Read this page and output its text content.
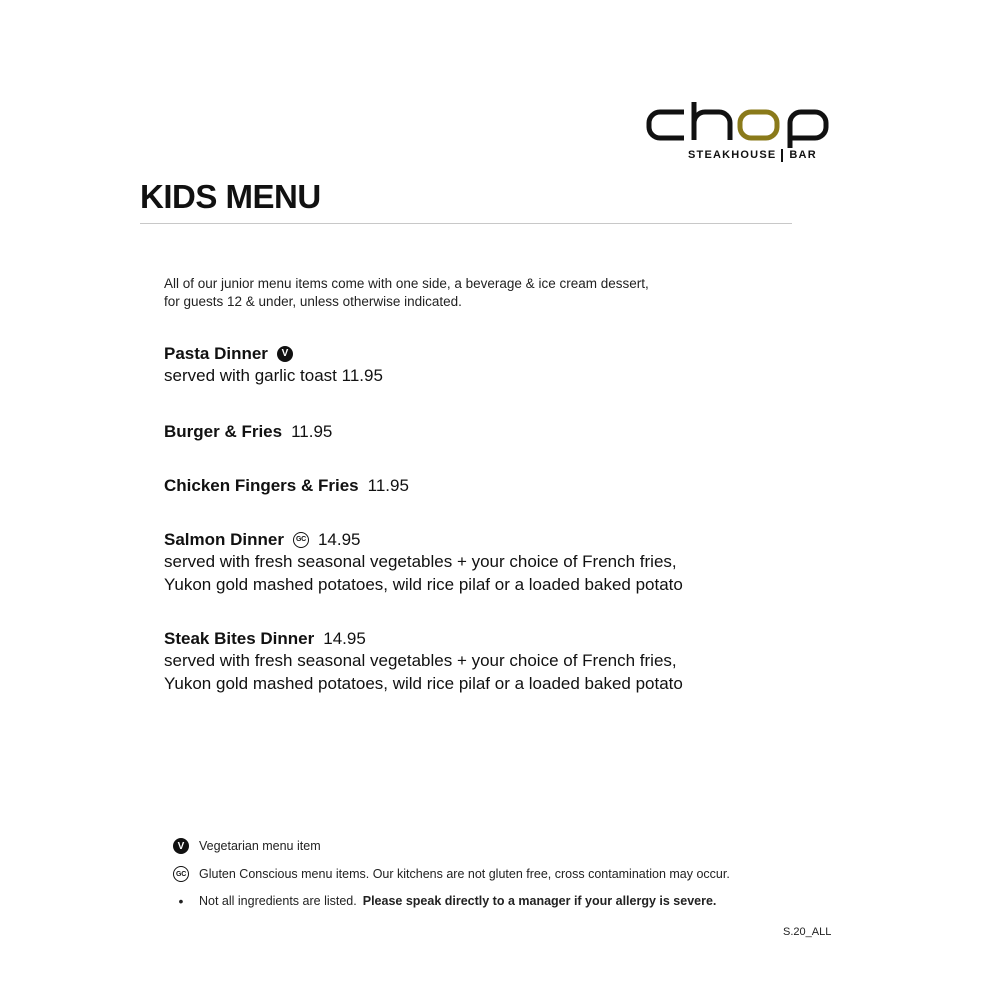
STEAKHOUSE BAR
KIDS MENU
All of our junior menu items come with one side, a beverage & ice cream dessert,
for guests 12 & under, unless otherwise indicated.
Pasta Dinner	V
served with garlic toast 11.95
Burger & Fries 11.95
Chicken Fingers & Fries 11.95
Salmon Dinner	GC 14.95
served with fresh seasonal vegetables + your choice of French fries,
Yukon gold mashed potatoes, wild rice pilaf or a loaded baked potato
Steak Bites Dinner 14.95
served with fresh seasonal vegetables + your choice of French fries,
Yukon gold mashed potatoes, wild rice pilaf or a loaded baked potato
V	Vegetarian menu item
GC Gluten Conscious menu items. Our kitchens are not gluten free, cross contamination may occur.
• Not all ingredients are listed. Please speak directly to a manager if your allergy is severe.
S.20_ALL
